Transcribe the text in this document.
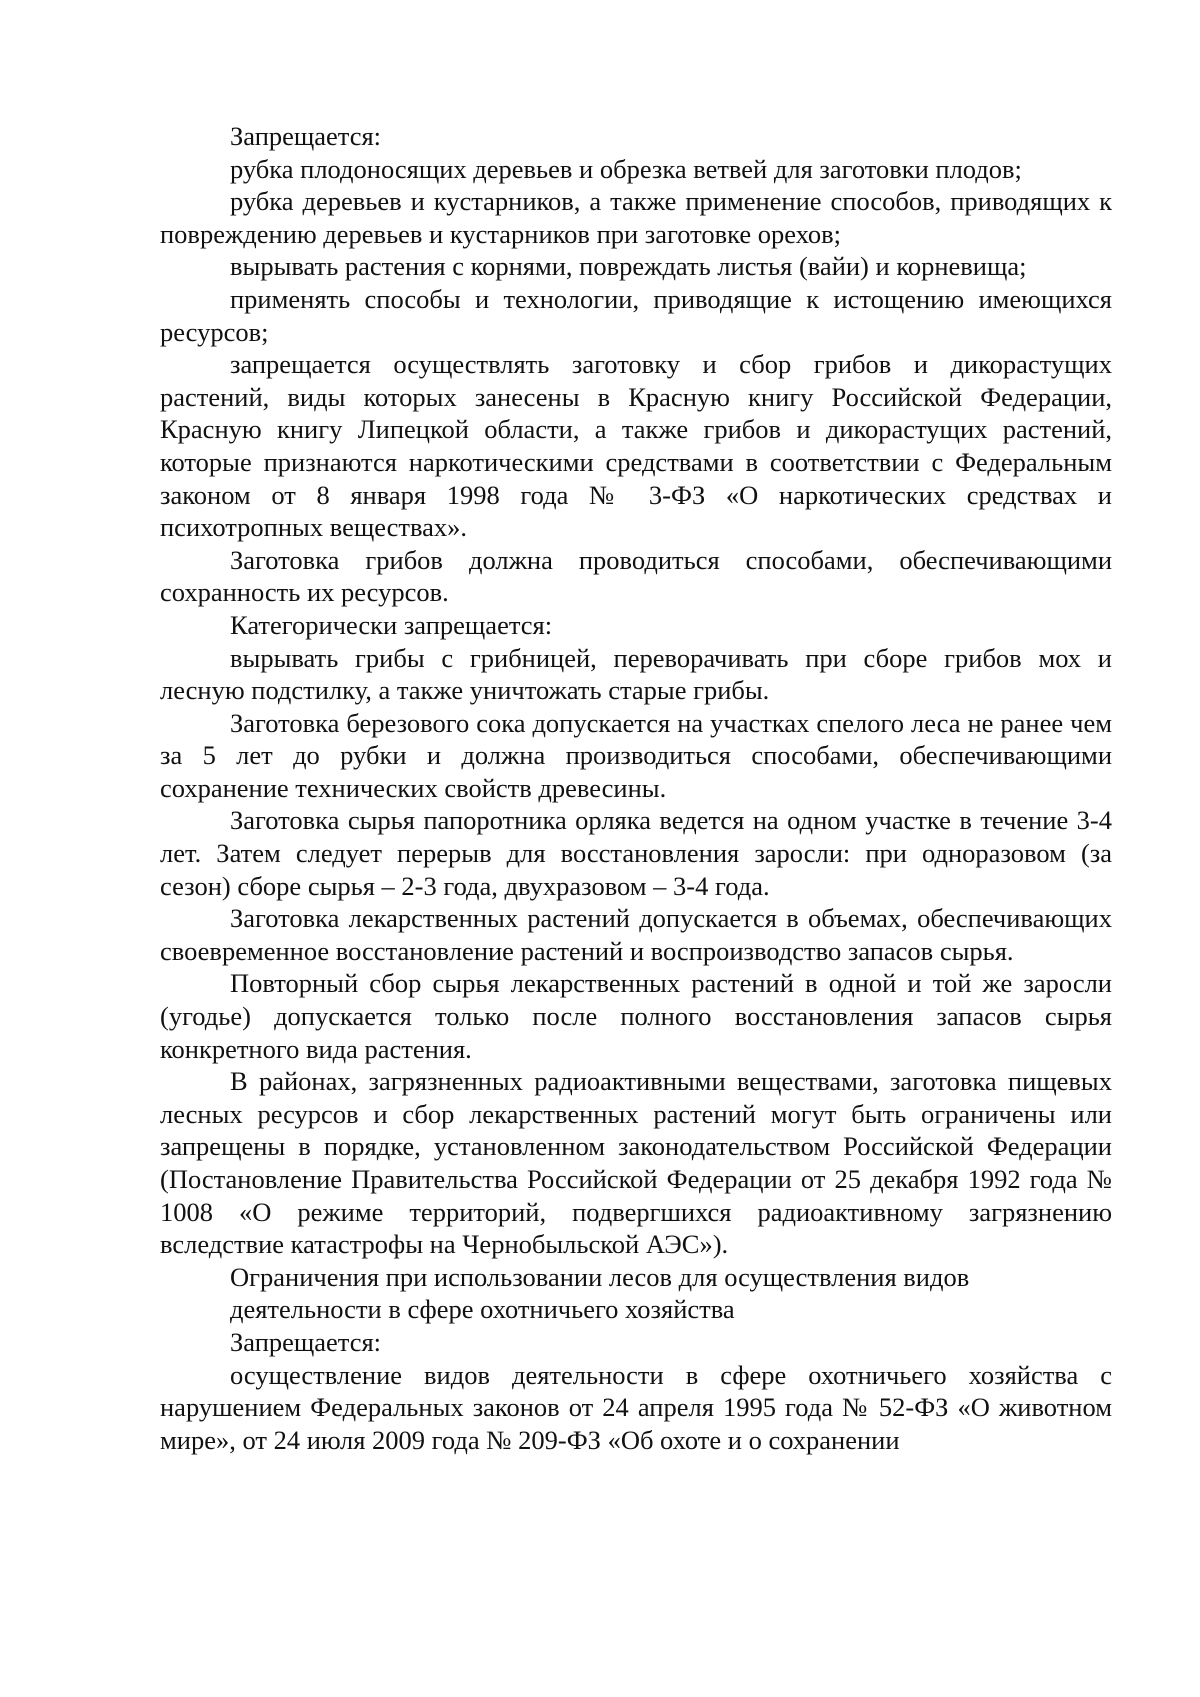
Запрещается:

рубка плодоносящих деревьев и обрезка ветвей для заготовки плодов;

рубка деревьев и кустарников, а также применение способов, приводящих к повреждению деревьев и кустарников при заготовке орехов;

вырывать растения с корнями, повреждать листья (вайи) и корневища;

применять способы и технологии, приводящие к истощению имеющихся ресурсов;

запрещается осуществлять заготовку и сбор грибов и дикорастущих растений, виды которых занесены в Красную книгу Российской Федерации, Красную книгу Липецкой области, а также грибов и дикорастущих растений, которые признаются наркотическими средствами в соответствии с Федеральным законом от 8 января 1998 года № 3-ФЗ «О наркотических средствах и психотропных веществах».

Заготовка грибов должна проводиться способами, обеспечивающими сохранность их ресурсов.

Категорически запрещается:

вырывать грибы с грибницей, переворачивать при сборе грибов мох и лесную подстилку, а также уничтожать старые грибы.

Заготовка березового сока допускается на участках спелого леса не ранее чем за 5 лет до рубки и должна производиться способами, обеспечивающими сохранение технических свойств древесины.

Заготовка сырья папоротника орляка ведется на одном участке в течение 3-4 лет. Затем следует перерыв для восстановления заросли: при одноразовом (за сезон) сборе сырья – 2-3 года, двухразовом – 3-4 года.

Заготовка лекарственных растений допускается в объемах, обеспечивающих своевременное восстановление растений и воспроизводство запасов сырья.

Повторный сбор сырья лекарственных растений в одной и той же заросли (угодье) допускается только после полного восстановления запасов сырья конкретного вида растения.

В районах, загрязненных радиоактивными веществами, заготовка пищевых лесных ресурсов и сбор лекарственных растений могут быть ограничены или запрещены в порядке, установленном законодательством Российской Федерации (Постановление Правительства Российской Федерации от 25 декабря 1992 года № 1008 «О режиме территорий, подвергшихся радиоактивному загрязнению вследствие катастрофы на Чернобыльской АЭС»).

Ограничения при использовании лесов для осуществления видов
деятельности в сфере охотничьего хозяйства

Запрещается:

осуществление видов деятельности в сфере охотничьего хозяйства с нарушением Федеральных законов от 24 апреля 1995 года № 52-ФЗ «О животном мире», от 24 июля 2009 года № 209-ФЗ «Об охоте и о сохранении
